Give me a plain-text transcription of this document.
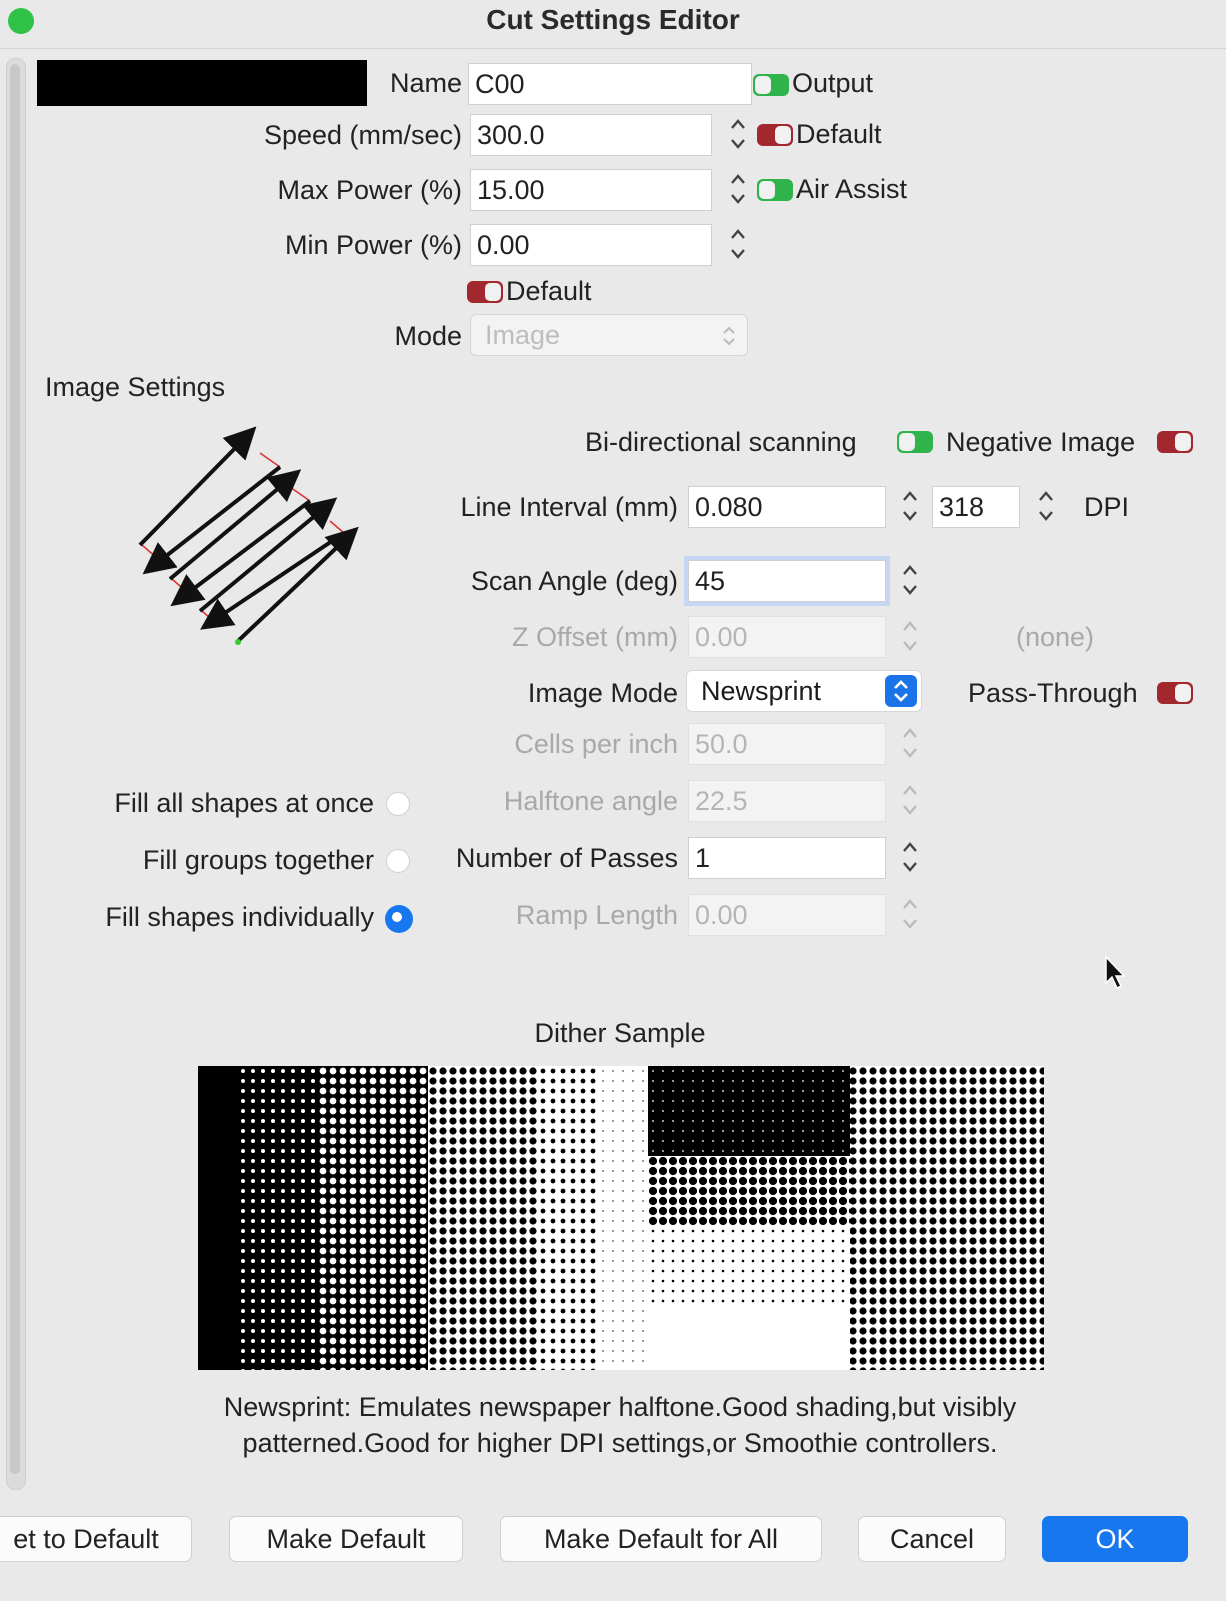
Cut Settings Editor
Name C00	Output
Speed (mm/sec) 300.0	Default
Max Power (%) 15.00	Air Assist
Min Power (%) 0.00
Default
Mode Image
Image Settings
Bi-directional scanning	Negative Image
Line Interval (mm) 0.080	318	DPI
Scan Angle (deg) 45
Z Offset (mm) 0.00	(none)
Image Mode Newsprint	Pass-Through
Cells per inch 50.0
Halftone angle 22.5
Number of Passes 1
Ramp Length 0.00
Fill all shapes at once
Fill groups together
Fill shapes individually
Dither Sample
Newsprint: Emulates newspaper halftone.Good shading,but visibly
patterned.Good for higher DPI settings,or Smoothie controllers.
et to Default	Make Default	Make Default for All	Cancel	OK
